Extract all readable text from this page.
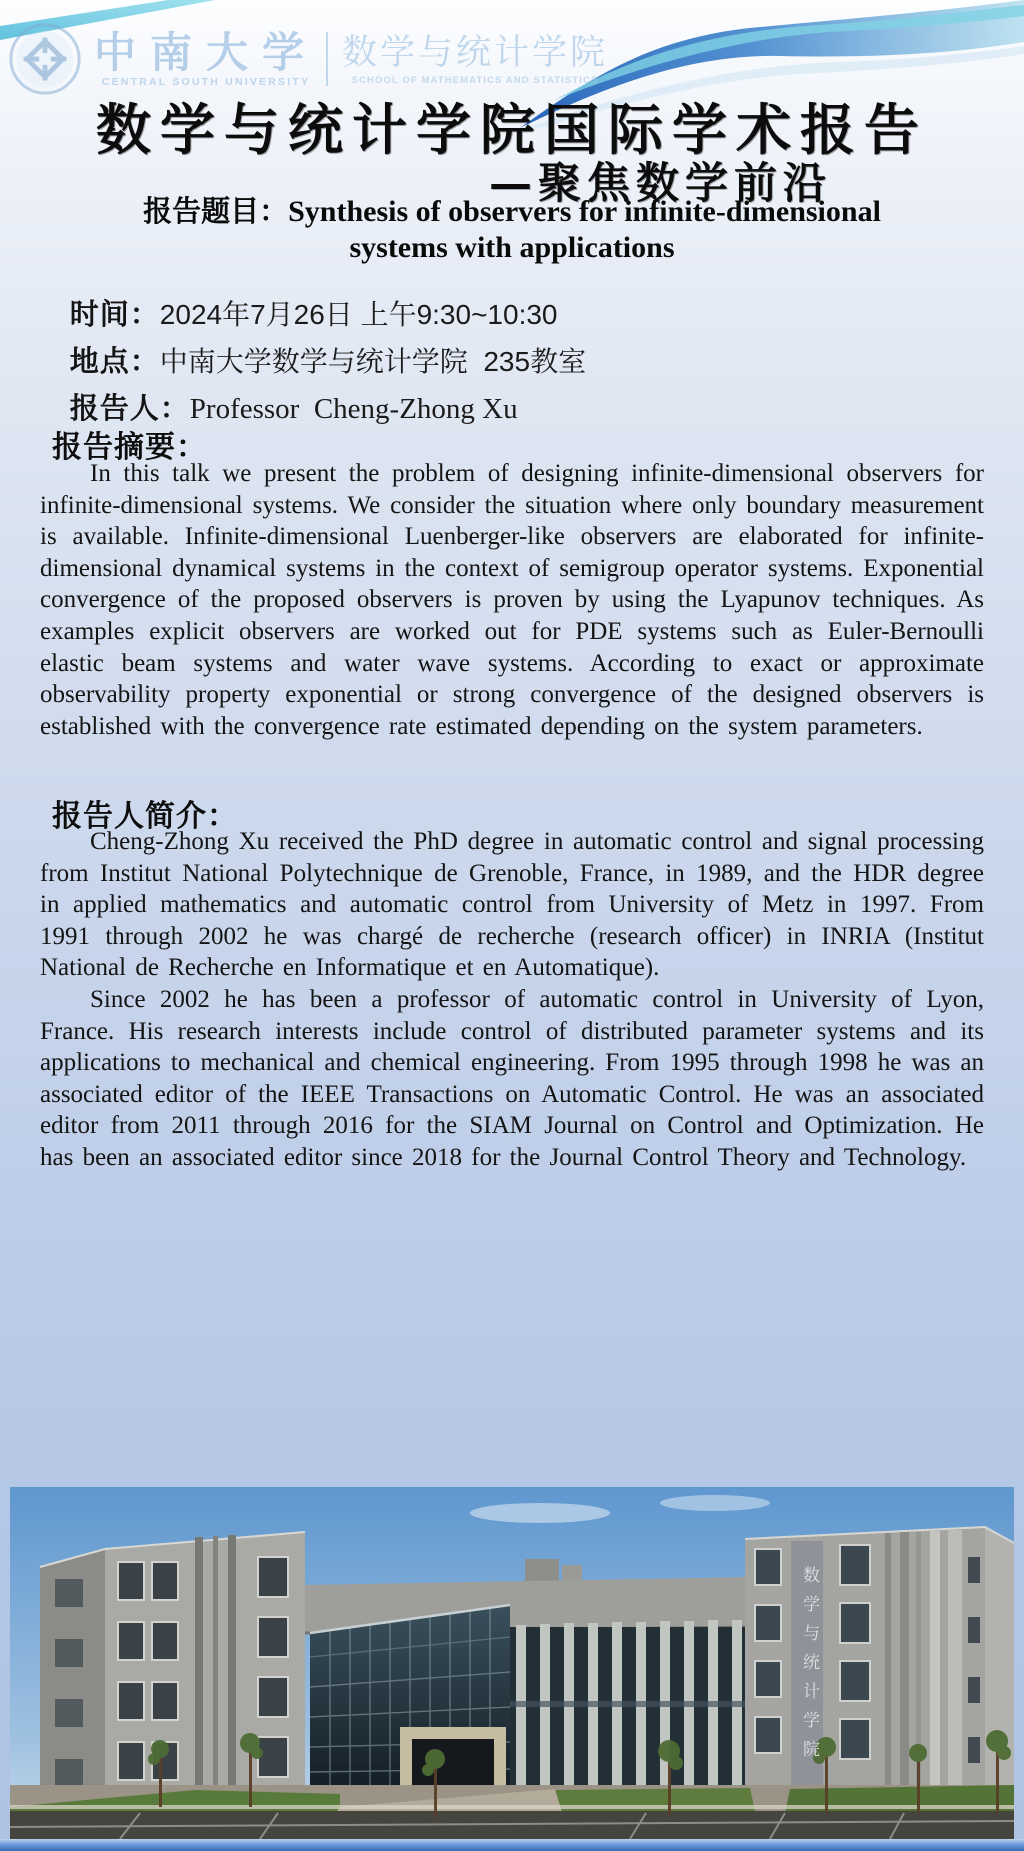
中南大学
CENTRAL SOUTH UNIVERSITY
数学与统计学院
SCHOOL OF MATHEMATICS AND STATISTICS
数学与统计学院国际学术报告
—聚焦数学前沿
报告题目：Synthesis of observers for infinite-dimensional
systems with applications

时间：2024年7月26日 上午9:30~10:30

地点：中南大学数学与统计学院  235教室

报告人：Professor  Cheng-Zhong Xu

报告摘要：

In this talk we present the problem of designing infinite-dimensional observers for infinite-dimensional systems. We consider the situation where only boundary measurement is available. Infinite-dimensional Luenberger-like observers are elaborated for infinite-dimensional dynamical systems in the context of semigroup operator systems. Exponential convergence of the proposed observers is proven by using the Lyapunov techniques. As examples explicit observers are worked out for PDE systems such as Euler-Bernoulli elastic beam systems and water wave systems. According to exact or approximate observability property exponential or strong convergence of the designed observers is established with the convergence rate estimated depending on the system parameters.

报告人简介：

Cheng-Zhong Xu received the PhD degree in automatic control and signal processing from Institut National Polytechnique de Grenoble, France, in 1989, and the HDR degree in applied mathematics and automatic control from University of Metz in 1997. From 1991 through 2002 he was chargé de recherche (research officer) in INRIA (Institut National de Recherche en Informatique et en Automatique).

Since 2002 he has been a professor of automatic control in University of Lyon, France. His research interests include control of distributed parameter systems and its applications to mechanical and chemical engineering. From 1995 through 1998 he was an associated editor of the IEEE Transactions on Automatic Control. He was an associated editor from 2011 through 2016 for the SIAM Journal on Control and Optimization. He has been an associated editor since 2018 for the Journal Control Theory and Technology.

数学与统计学院
